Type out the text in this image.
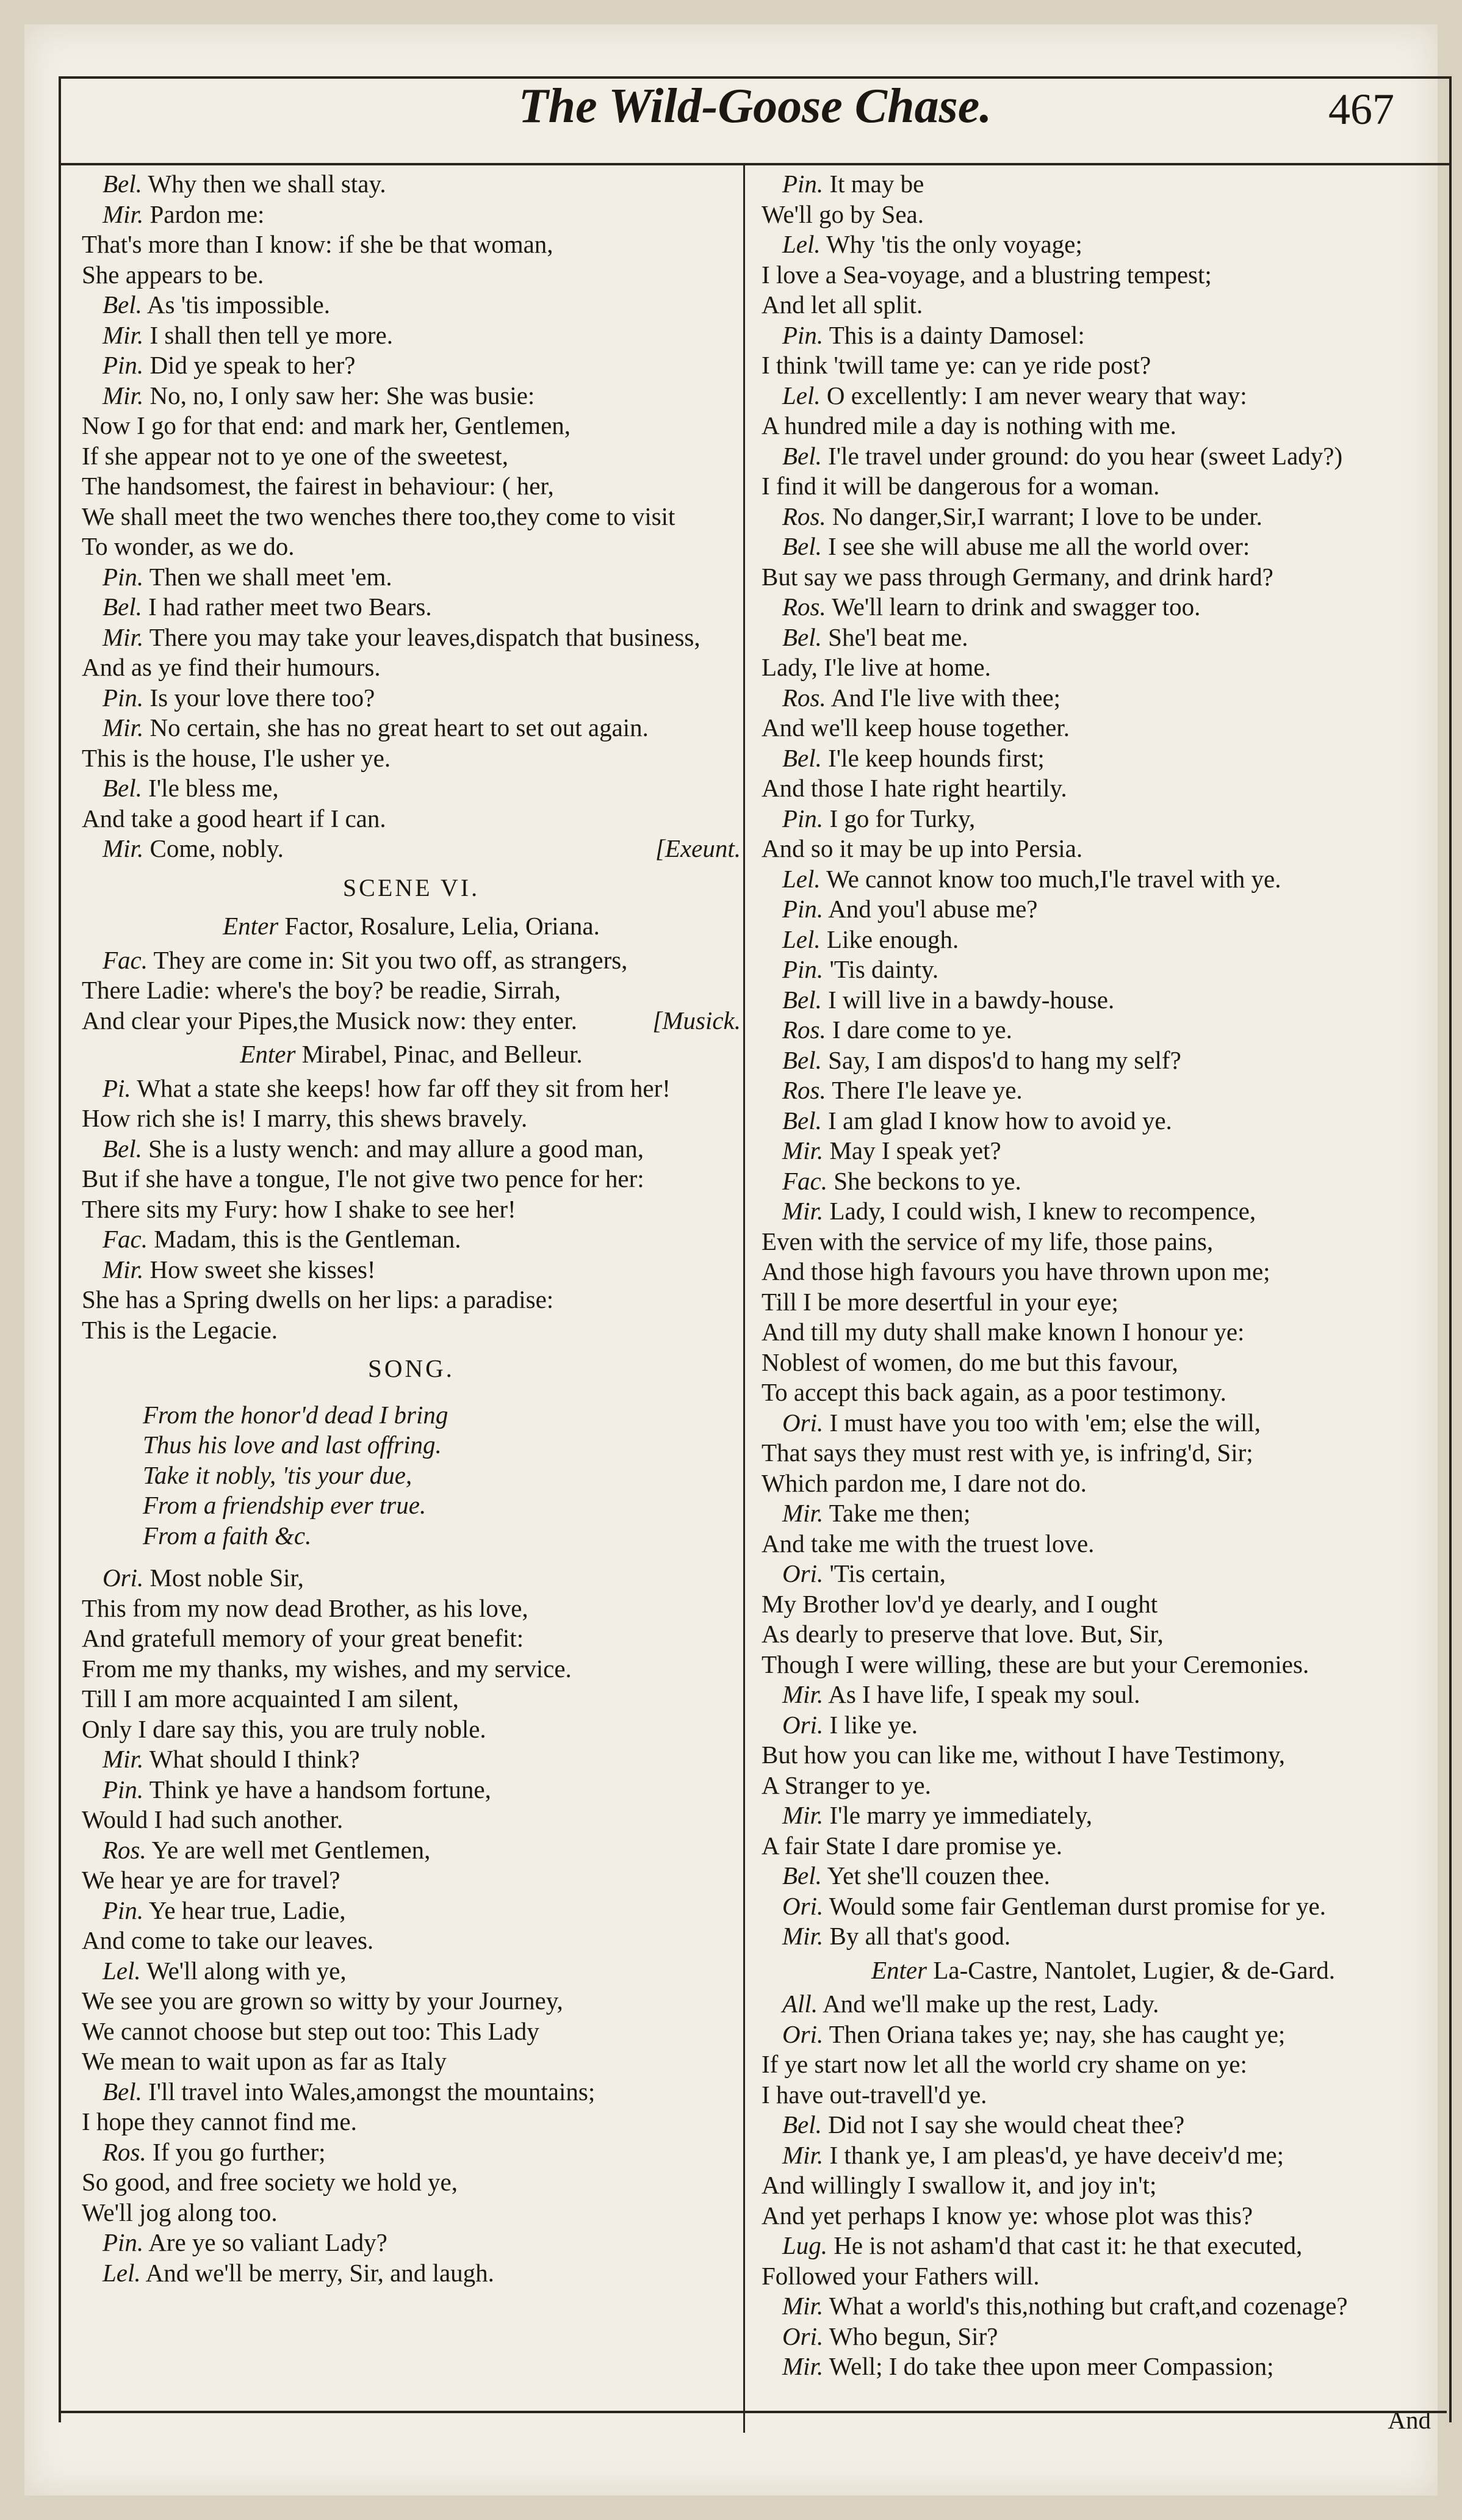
The Wild-Goose Chase.	467
Bel. Why then we shall stay.
Mir. Pardon me:
That's more than I know: if she be that woman,
She appears to be.
Bel. As 'tis impossible.
Mir. I shall then tell ye more.
Pin. Did ye speak to her?
Mir. No, no, I only saw her: She was busie:
Now I go for that end: and mark her, Gentlemen,
If she appear not to ye one of the sweetest,
The handsomest, the fairest in behaviour: ( her,
We shall meet the two wenches there too,they come to visit
To wonder, as we do.
Pin. Then we shall meet 'em.
Bel. I had rather meet two Bears.
Mir. There you may take your leaves,dispatch that business,
And as ye find their humours.
Pin. Is your love there too?
Mir. No certain, she has no great heart to set out again.
This is the house, I'le usher ye.
Bel. I'le bless me,
And take a good heart if I can.
Mir. Come, nobly.	[Exeunt.
SCENE VI.
Enter Factor, Rosalure, Lelia, Oriana.
Fac. They are come in: Sit you two off, as strangers,
There Ladie: where's the boy? be readie, Sirrah,
And clear your Pipes,the Musick now: they enter.	[Musick.
Enter Mirabel, Pinac, and Belleur.
Pi. What a state she keeps! how far off they sit from her!
How rich she is! I marry, this shews bravely.
Bel. She is a lusty wench: and may allure a good man,
But if she have a tongue, I'le not give two pence for her:
There sits my Fury: how I shake to see her!
Fac. Madam, this is the Gentleman.
Mir. How sweet she kisses!
She has a Spring dwells on her lips: a paradise:
This is the Legacie.
SONG.
From the honor'd dead I bring
Thus his love and last offring.
Take it nobly, 'tis your due,
From a friendship ever true.
From a faith &c.
Ori. Most noble Sir,
This from my now dead Brother, as his love,
And gratefull memory of your great benefit:
From me my thanks, my wishes, and my service.
Till I am more acquainted I am silent,
Only I dare say this, you are truly noble.
Mir. What should I think?
Pin. Think ye have a handsom fortune,
Would I had such another.
Ros. Ye are well met Gentlemen,
We hear ye are for travel?
Pin. Ye hear true, Ladie,
And come to take our leaves.
Lel. We'll along with ye,
We see you are grown so witty by your Journey,
We cannot choose but step out too: This Lady
We mean to wait upon as far as Italy
Bel. I'll travel into Wales,amongst the mountains;
I hope they cannot find me.
Ros. If you go further;
So good, and free society we hold ye,
We'll jog along too.
Pin. Are ye so valiant Lady?
Lel. And we'll be merry, Sir, and laugh.
Pin. It may be
We'll go by Sea.
Lel. Why 'tis the only voyage;
I love a Sea-voyage, and a blustring tempest;
And let all split.
Pin. This is a dainty Damosel:
I think 'twill tame ye: can ye ride post?
Lel. O excellently: I am never weary that way:
A hundred mile a day is nothing with me.
Bel. I'le travel under ground: do you hear (sweet Lady?)
I find it will be dangerous for a woman.
Ros. No danger,Sir,I warrant; I love to be under.
Bel. I see she will abuse me all the world over:
But say we pass through Germany, and drink hard?
Ros. We'll learn to drink and swagger too.
Bel. She'l beat me.
Lady, I'le live at home.
Ros. And I'le live with thee;
And we'll keep house together.
Bel. I'le keep hounds first;
And those I hate right heartily.
Pin. I go for Turky,
And so it may be up into Persia.
Lel. We cannot know too much,I'le travel with ye.
Pin. And you'l abuse me?
Lel. Like enough.
Pin. 'Tis dainty.
Bel. I will live in a bawdy-house.
Ros. I dare come to ye.
Bel. Say, I am dispos'd to hang my self?
Ros. There I'le leave ye.
Bel. I am glad I know how to avoid ye.
Mir. May I speak yet?
Fac. She beckons to ye.
Mir. Lady, I could wish, I knew to recompence,
Even with the service of my life, those pains,
And those high favours you have thrown upon me;
Till I be more desertful in your eye;
And till my duty shall make known I honour ye:
Noblest of women, do me but this favour,
To accept this back again, as a poor testimony.
Ori. I must have you too with 'em; else the will,
That says they must rest with ye, is infring'd, Sir;
Which pardon me, I dare not do.
Mir. Take me then;
And take me with the truest love.
Ori. 'Tis certain,
My Brother lov'd ye dearly, and I ought
As dearly to preserve that love. But, Sir,
Though I were willing, these are but your Ceremonies.
Mir. As I have life, I speak my soul.
Ori. I like ye.
But how you can like me, without I have Testimony,
A Stranger to ye.
Mir. I'le marry ye immediately,
A fair State I dare promise ye.
Bel. Yet she'll couzen thee.
Ori. Would some fair Gentleman durst promise for ye.
Mir. By all that's good.
Enter La-Castre, Nantolet, Lugier, & de-Gard.
All. And we'll make up the rest, Lady.
Ori. Then Oriana takes ye; nay, she has caught ye;
If ye start now let all the world cry shame on ye:
I have out-travell'd ye.
Bel. Did not I say she would cheat thee?
Mir. I thank ye, I am pleas'd, ye have deceiv'd me;
And willingly I swallow it, and joy in't;
And yet perhaps I know ye: whose plot was this?
Lug. He is not asham'd that cast it: he that executed,
Followed your Fathers will.
Mir. What a world's this,nothing but craft,and cozenage?
Ori. Who begun, Sir?
Mir. Well; I do take thee upon meer Compassion;
And
